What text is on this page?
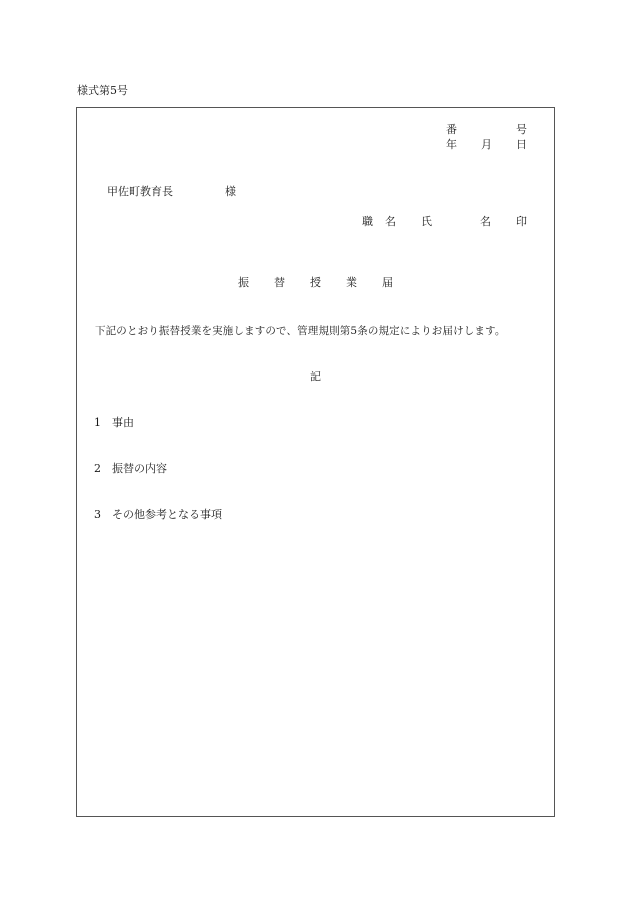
様式第5号
番	号
年 月 日
甲佐町教育長	様
職 名 氏	名 印
振 替 授 業 届
下記のとおり振替授業を実施しますので、管理規則第5条の規定によりお届けします。
記
1 事由
2 振替の内容
3 その他参考となる事項
